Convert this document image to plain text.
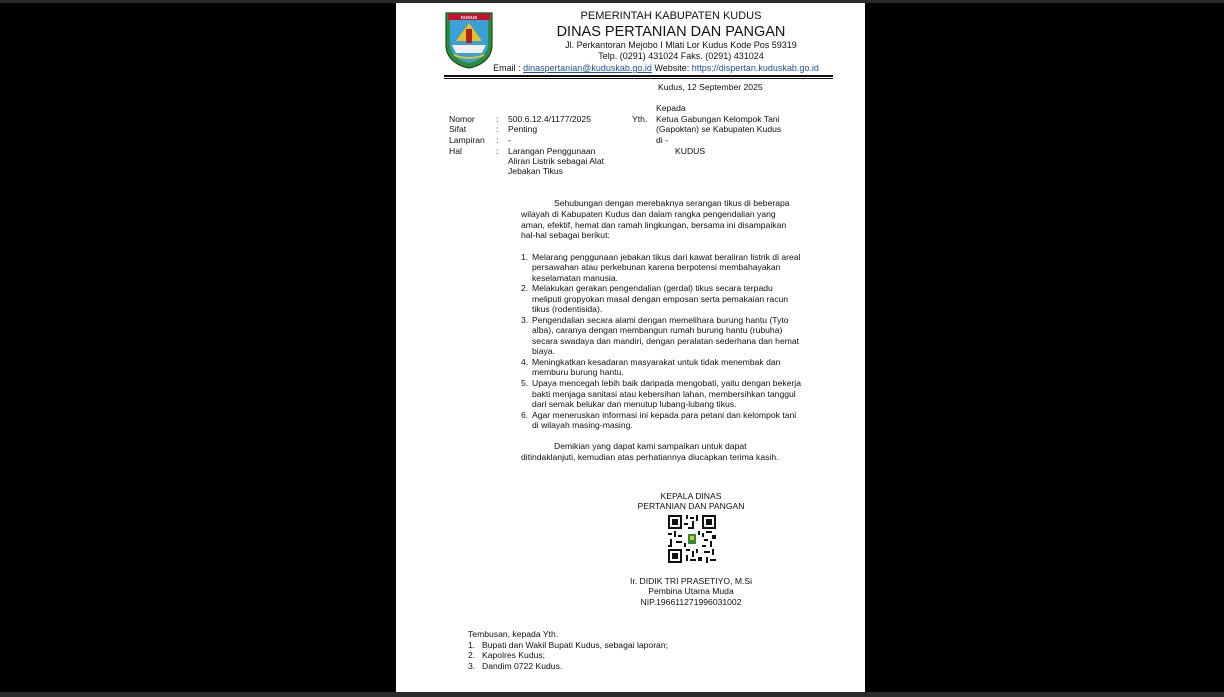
KUDUS	PEMERINTAH KABUPATEN KUDUS
DINAS PERTANIAN DAN PANGAN
Jl. Perkantoran Mejobo I Mlati Lor Kudus Kode Pos 59319
Telp. (0291) 431024 Faks. (0291) 431024
Email : dinaspertanian@kuduskab.go.id Website: https://dispertan.kuduskab.go.id
Kudus, 12 September 2025
Kepada
Yth. Ketua Gabungan Kelompok Tani
(Gapoktan) se Kabupaten Kudus
di -
KUDUS
Nomor : 500.6.12.4/1177/2025
Sifat	: Penting
Lampiran : -
Hal	: Larangan Penggunaan
Aliran Listrik sebagai Alat
Jebakan Tikus
Sehubungan dengan merebaknya serangan tikus di beberapa
wilayah di Kabupaten Kudus dan dalam rangka pengendalian yang
aman, efektif, hemat dan ramah lingkungan, bersama ini disampaikan
hal-hal sebagai berikut:
1. Melarang penggunaan jebakan tikus dari kawat beraliran listrik di areal
persawahan atau perkebunan karena berpotensi membahayakan
keselamatan manusia.
2. Melakukan gerakan pengendalian (gerdal) tikus secara terpadu
meliputi gropyokan masal dengan emposan serta pemakaian racun
tikus (rodentisida).
3. Pengendalian secara alami dengan memelihara burung hantu (Tyto
alba), caranya dengan membangun rumah burung hantu (rubuha)
secara swadaya dan mandiri, dengan peralatan sederhana dan hemat
biaya.
4. Meningkatkan kesadaran masyarakat untuk tidak menembak dan
memburu burung hantu.
5. Upaya mencegah lebih baik daripada mengobati, yaitu dengan bekerja
bakti menjaga sanitasi atau kebersihan lahan, membersihkan tanggul
dari semak belukar dan menutup lubang-lubang tikus.
6. Agar meneruskan informasi ini kepada para petani dan kelompok tani
di wilayah masing-masing.
Demikian yang dapat kami sampaikan untuk dapat
ditindaklanjuti, kemudian atas perhatiannya diucapkan terima kasih.
KEPALA DINAS
PERTANIAN DAN PANGAN
Ir. DIDIK TRI PRASETIYO, M.Si
Pembina Utama Muda
NIP.196611271996031002
Tembusan, kepada Yth.
1. Bupati dan Wakil Bupati Kudus, sebagai laporan;
2. Kapolres Kudus;
3. Dandim 0722 Kudus.
